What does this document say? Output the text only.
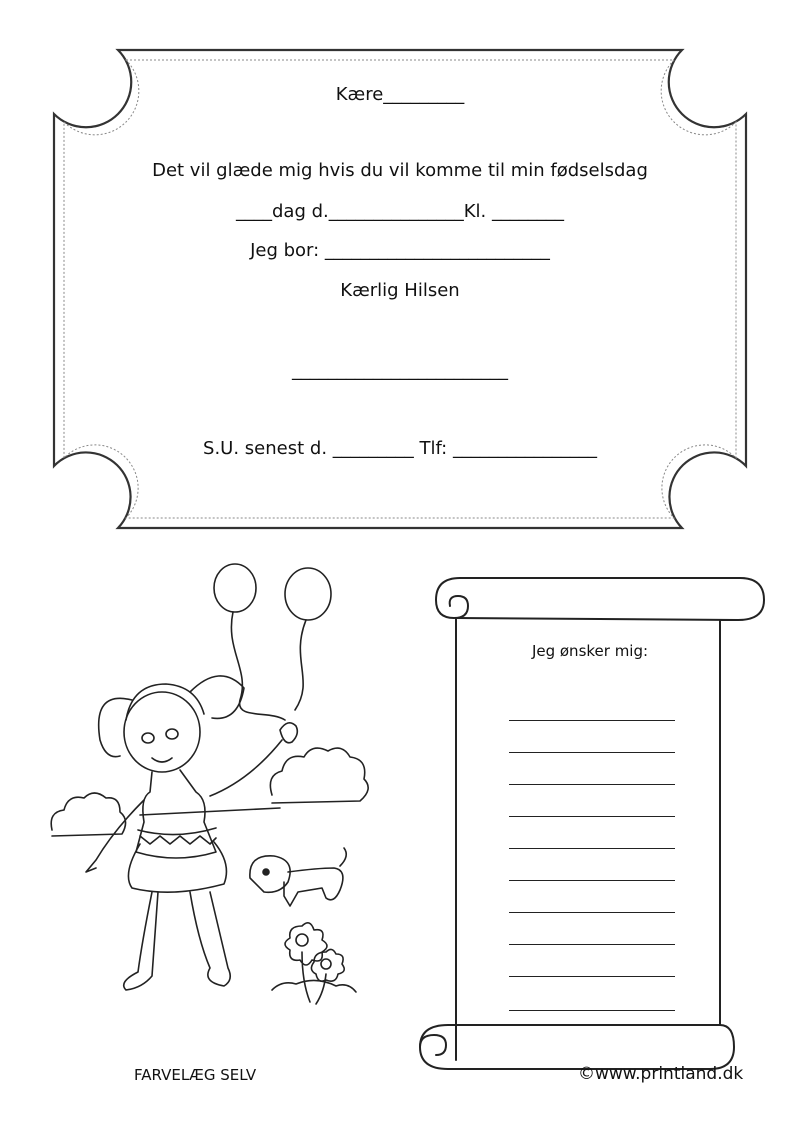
Kære_________
Det vil glæde mig hvis du vil komme til min fødselsdag
____dag d._______________Kl. ________
Jeg bor: _________________________
Kærlig Hilsen
________________________
S.U. senest d. _________ Tlf: ________________
Jeg ønsker mig:
FARVELÆG SELV	©www.printland.dk
